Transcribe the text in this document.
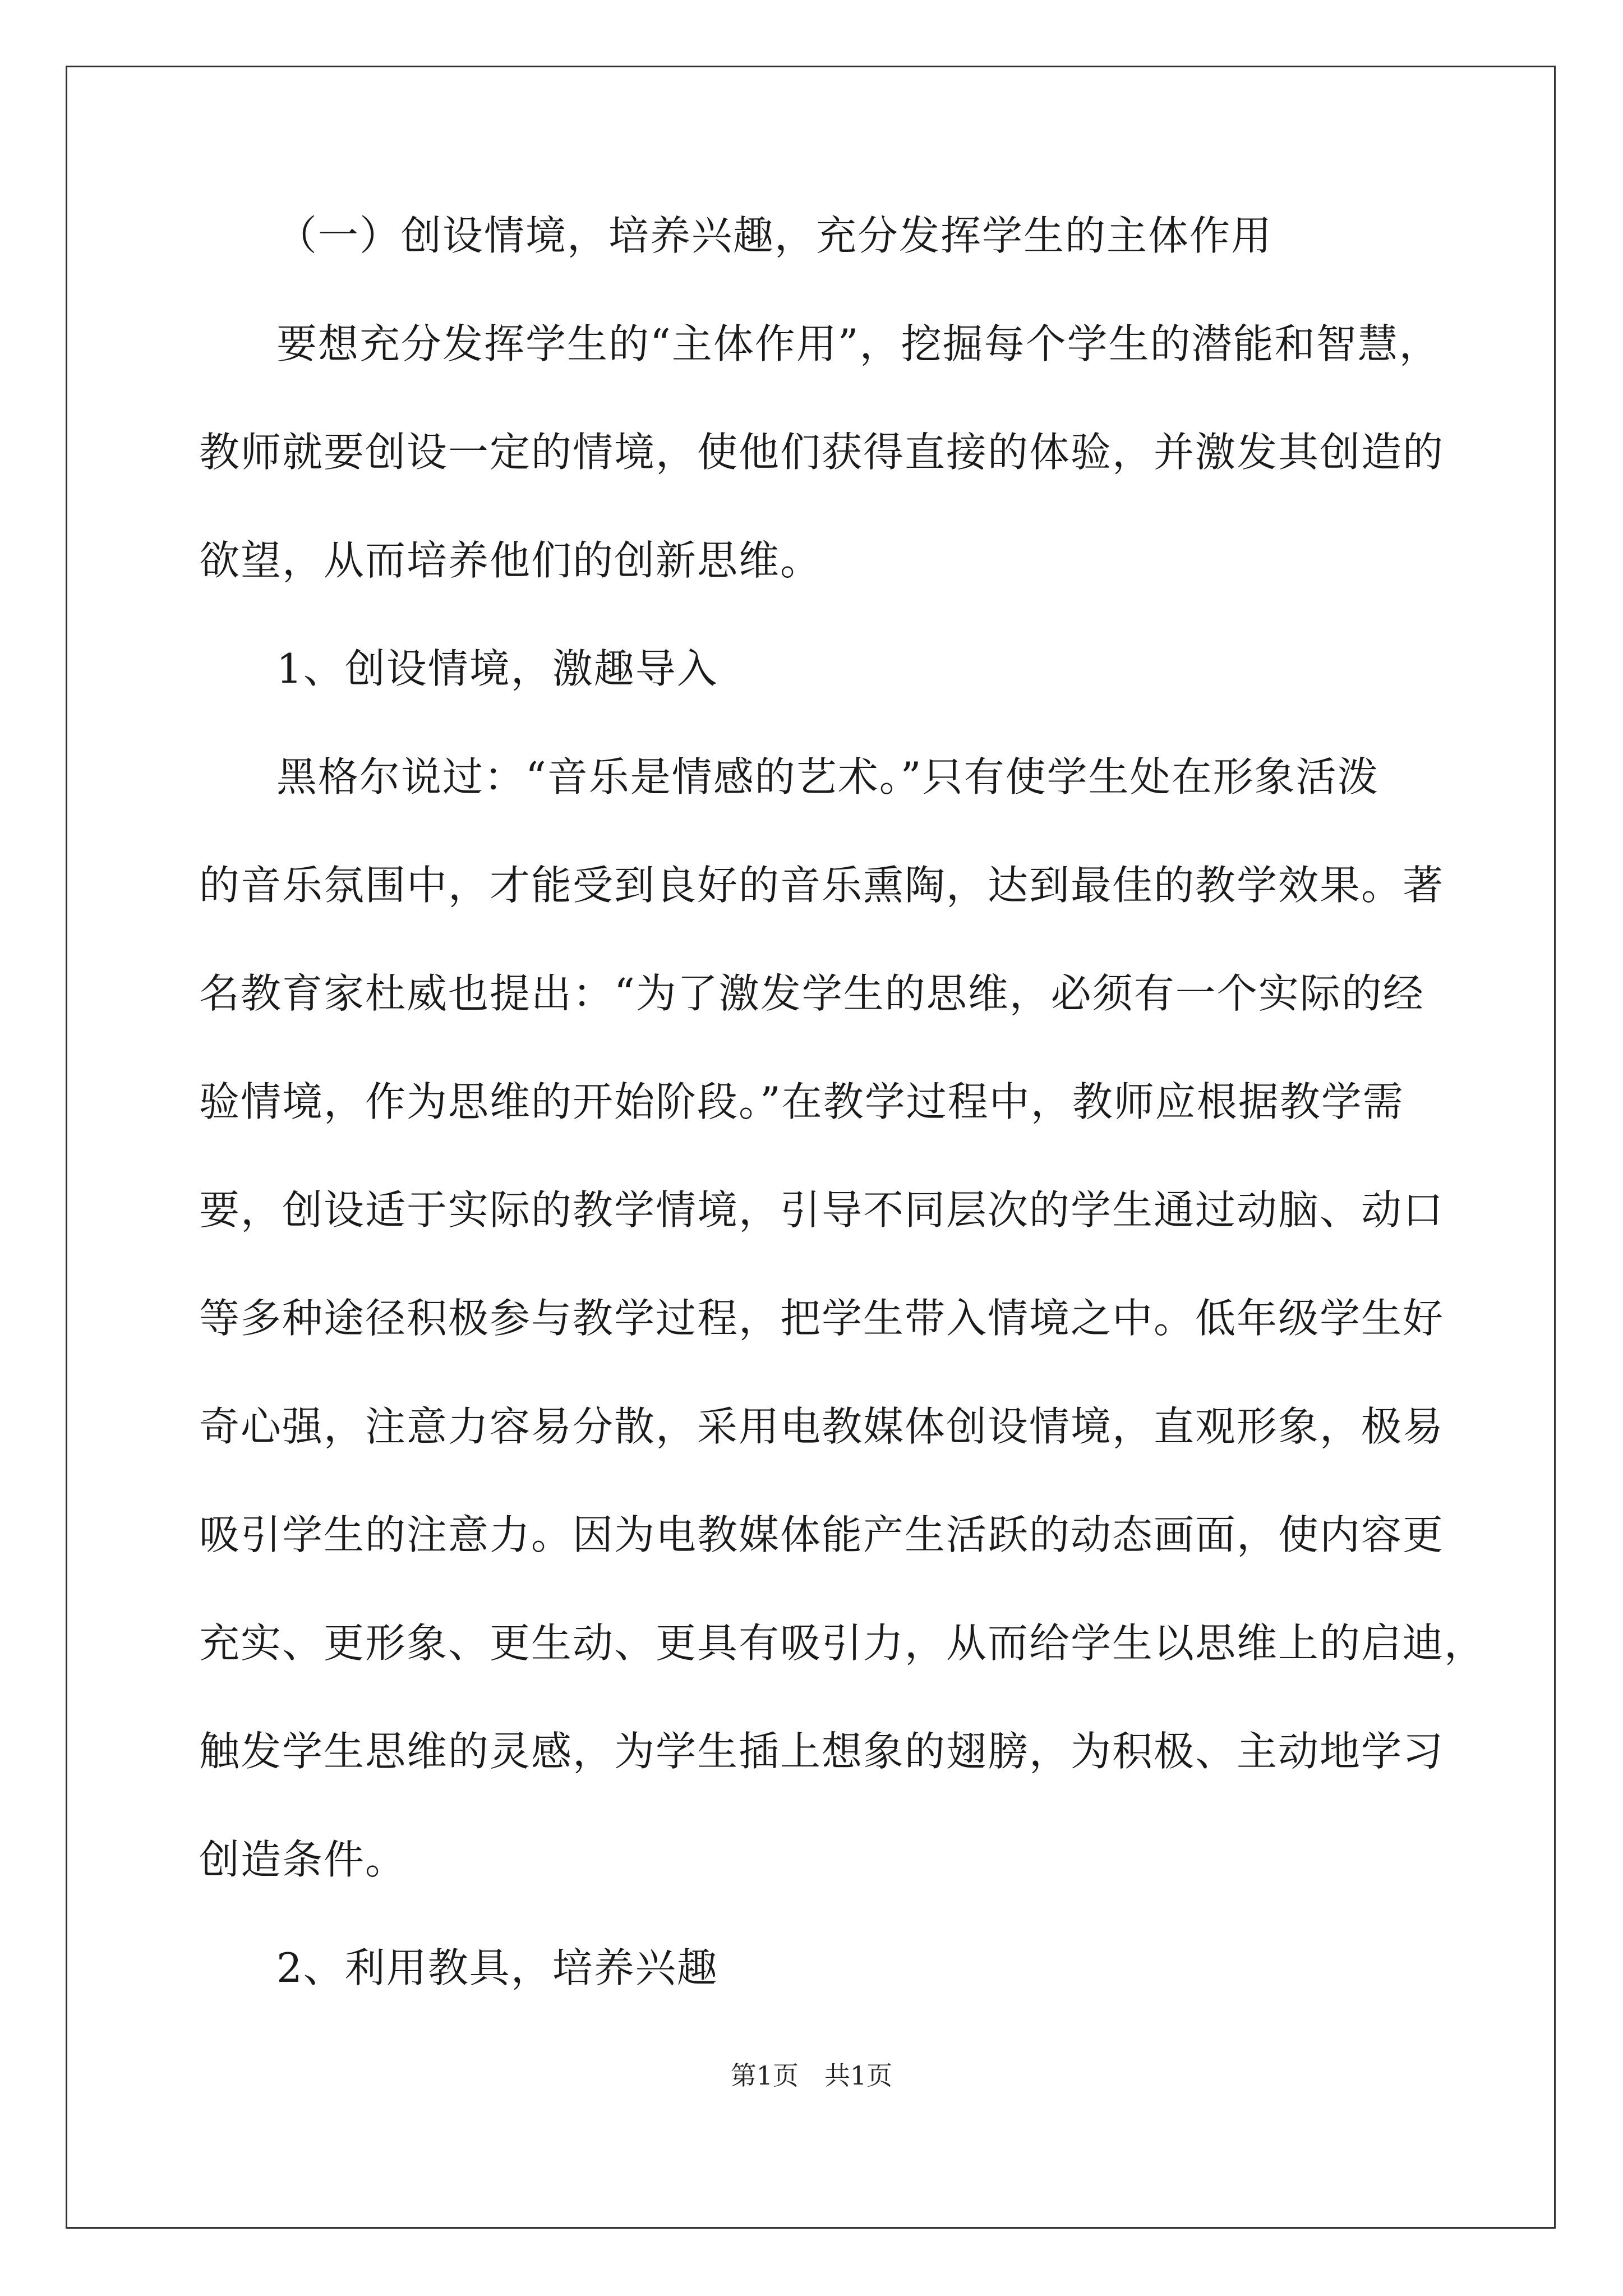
（一）创设情境，培养兴趣，充分发挥学生的主体作用
要想充分发挥学生的“主体作用”，挖掘每个学生的潜能和智慧，
教师就要创设一定的情境，使他们获得直接的体验，并激发其创造的
欲望，从而培养他们的创新思维。
1、创设情境，激趣导入
黑格尔说过：“音乐是情感的艺术。”只有使学生处在形象活泼
的音乐氛围中，才能受到良好的音乐熏陶，达到最佳的教学效果。著
名教育家杜威也提出：“为了激发学生的思维，必须有一个实际的经
验情境，作为思维的开始阶段。”在教学过程中，教师应根据教学需
要，创设适于实际的教学情境，引导不同层次的学生通过动脑、动口
等多种途径积极参与教学过程，把学生带入情境之中。低年级学生好
奇心强，注意力容易分散，采用电教媒体创设情境，直观形象，极易
吸引学生的注意力。因为电教媒体能产生活跃的动态画面，使内容更
充实、更形象、更生动、更具有吸引力，从而给学生以思维上的启迪，
触发学生思维的灵感，为学生插上想象的翅膀，为积极、主动地学习
创造条件。
2、利用教具，培养兴趣
第1页　共1页
